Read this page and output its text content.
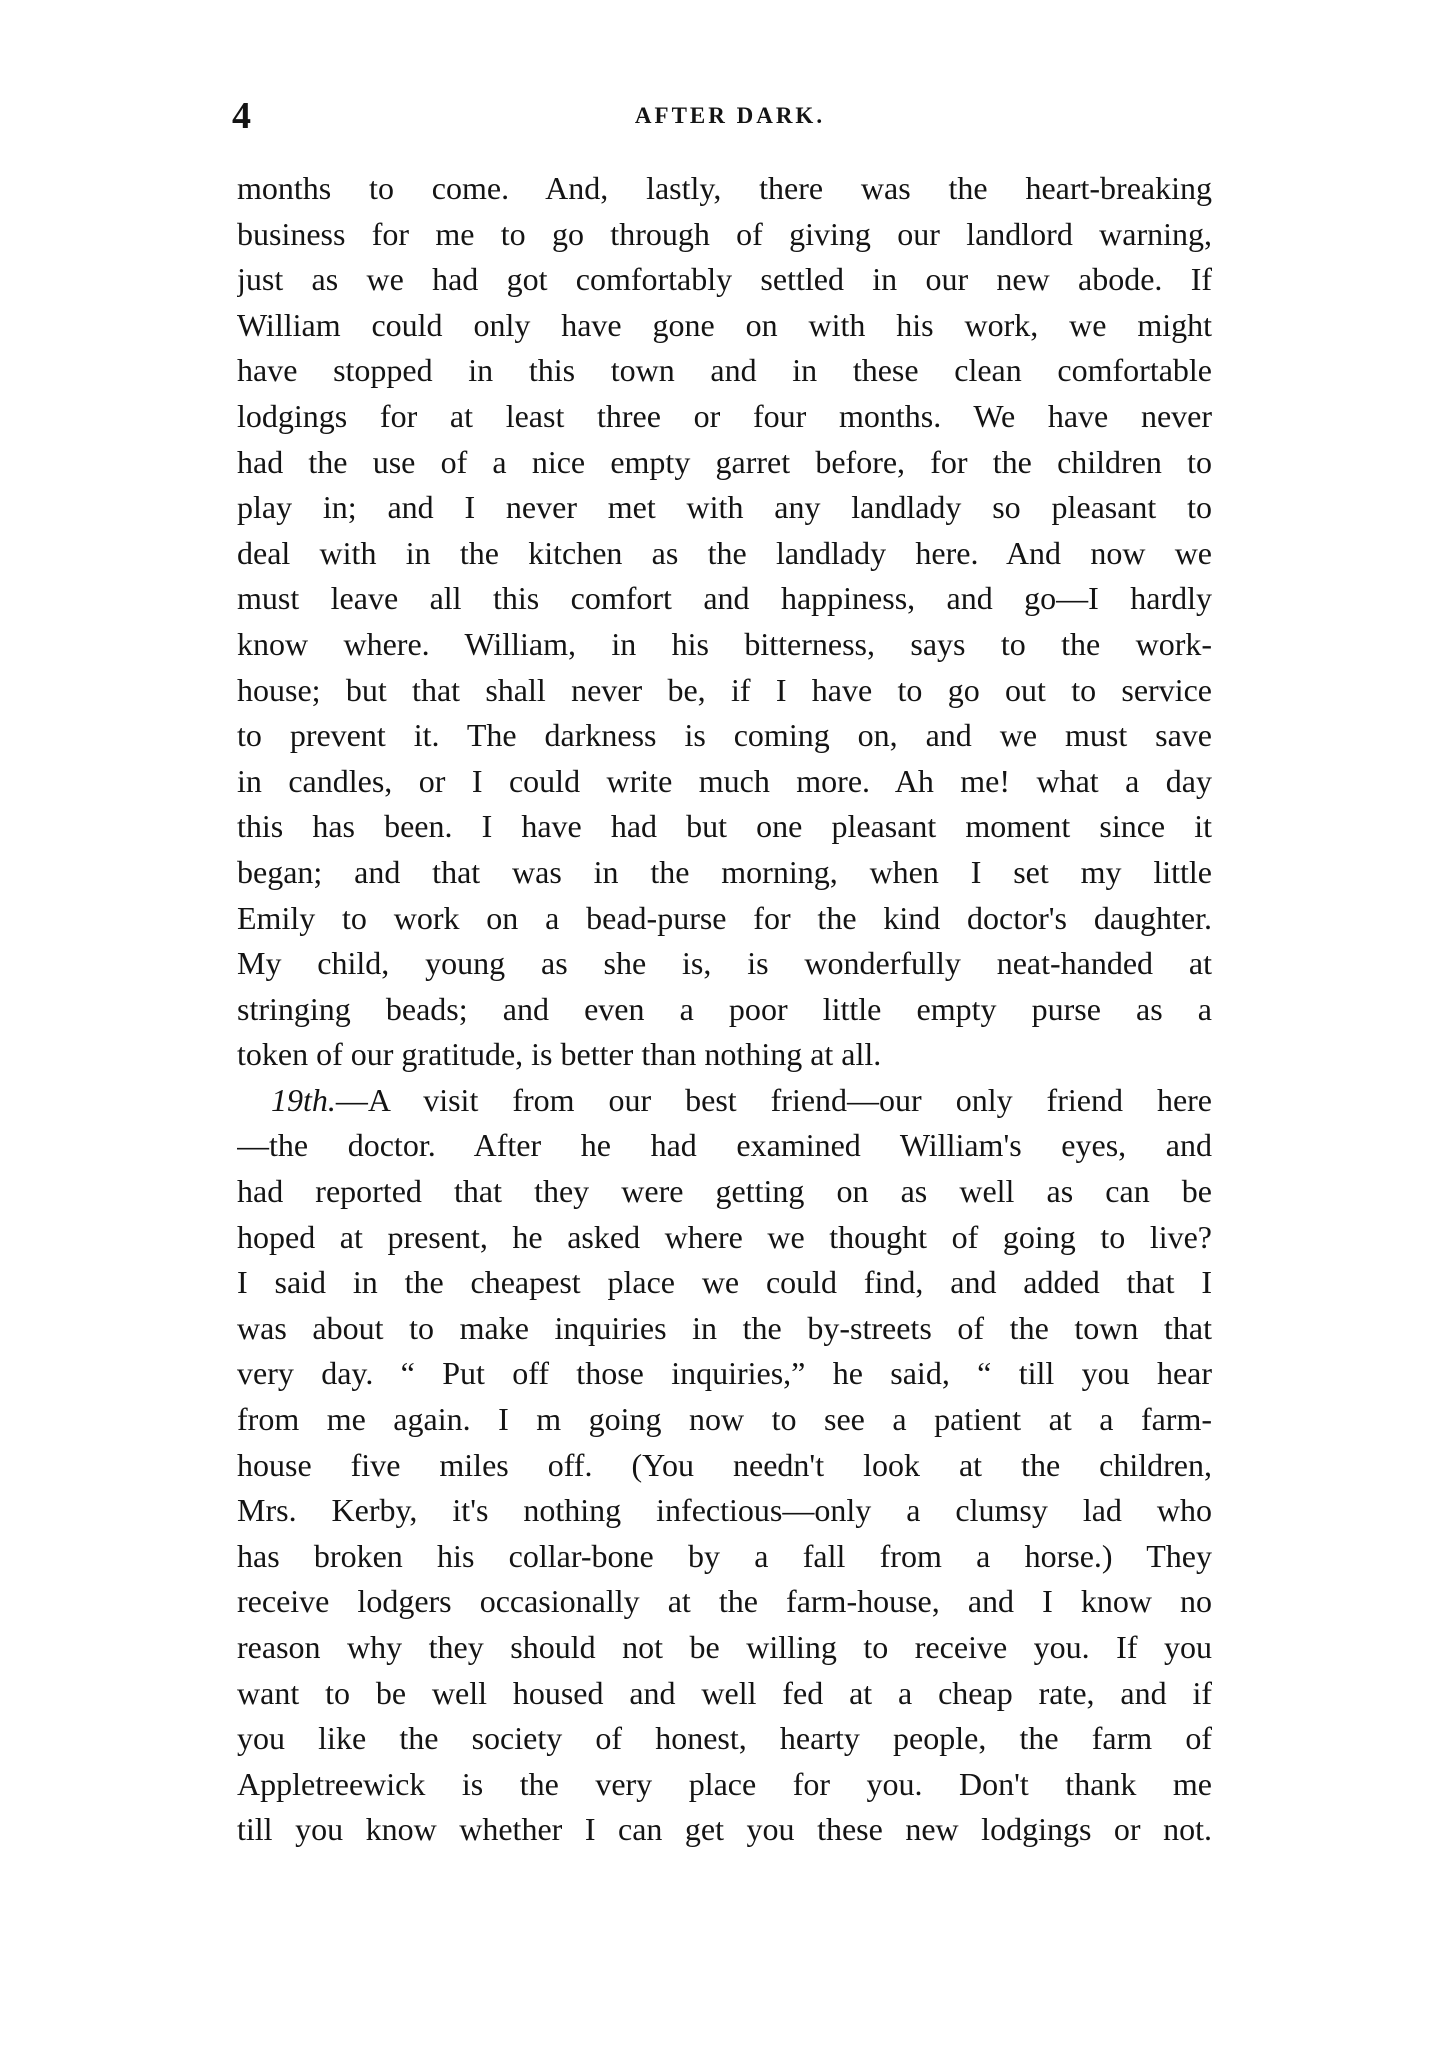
4	AFTER DARK.
months to come. And, lastly, there was the heart-breaking
business for me to go through of giving our landlord warning,
just as we had got comfortably settled in our new abode. If
William could only have gone on with his work, we might
have stopped in this town and in these clean comfortable
lodgings for at least three or four months. We have never
had the use of a nice empty garret before, for the children to
play in; and I never met with any landlady so pleasant to
deal with in the kitchen as the landlady here. And now we
must leave all this comfort and happiness, and go—I hardly
know where. William, in his bitterness, says to the work-
house; but that shall never be, if I have to go out to service
to prevent it. The darkness is coming on, and we must save
in candles, or I could write much more. Ah me! what a day
this has been. I have had but one pleasant moment since it
began; and that was in the morning, when I set my little
Emily to work on a bead-purse for the kind doctor's daughter.
My child, young as she is, is wonderfully neat-handed at
stringing beads; and even a poor little empty purse as a
token of our gratitude, is better than nothing at all.
19th.—A visit from our best friend—our only friend here
—the doctor. After he had examined William's eyes, and
had reported that they were getting on as well as can be
hoped at present, he asked where we thought of going to live?
I said in the cheapest place we could find, and added that I
was about to make inquiries in the by-streets of the town that
very day. “ Put off those inquiries,” he said, “ till you hear
from me again. I m going now to see a patient at a farm-
house five miles off. (You needn't look at the children,
Mrs. Kerby, it's nothing infectious—only a clumsy lad who
has broken his collar-bone by a fall from a horse.) They
receive lodgers occasionally at the farm-house, and I know no
reason why they should not be willing to receive you. If you
want to be well housed and well fed at a cheap rate, and if
you like the society of honest, hearty people, the farm of
Appletreewick is the very place for you. Don't thank me
till you know whether I can get you these new lodgings or not.
